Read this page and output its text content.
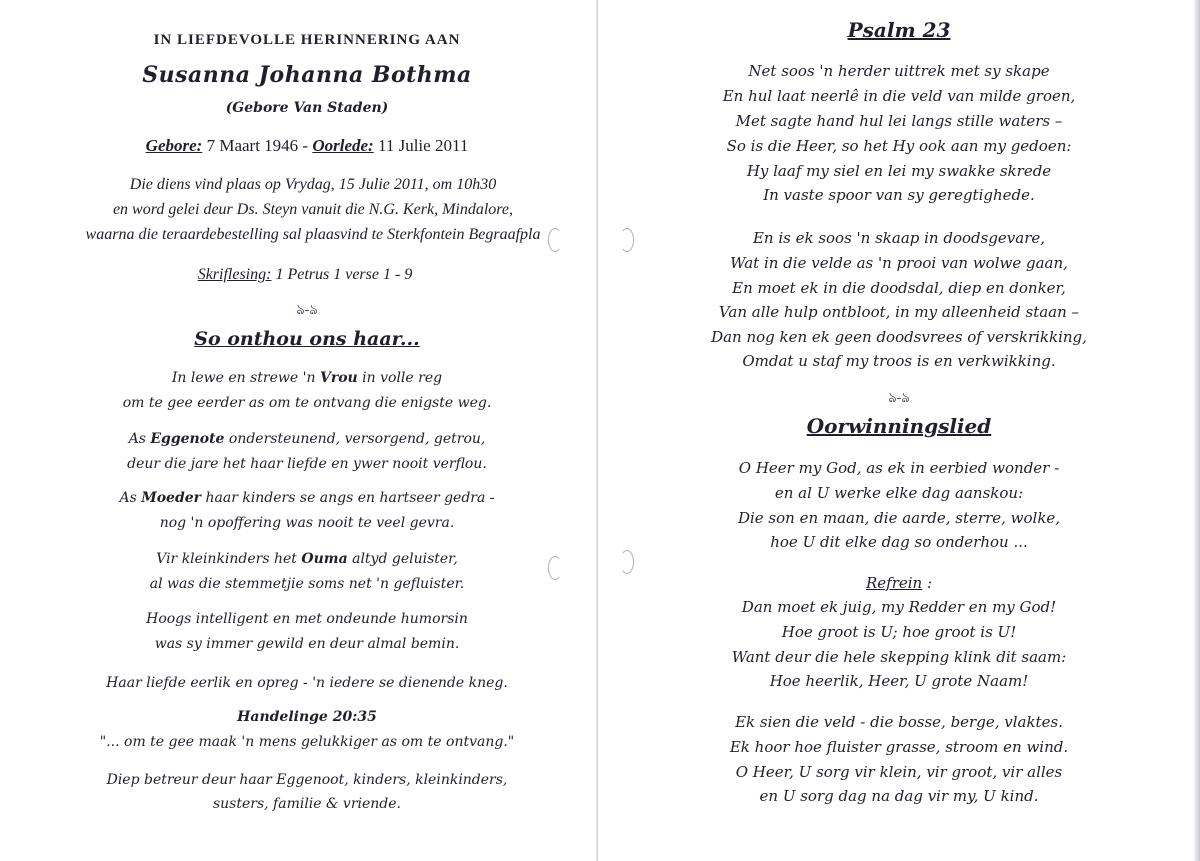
IN LIEFDEVOLLE HERINNERING AAN
Susanna Johanna Bothma
(Gebore Van Staden)
Gebore: 7 Maart 1946 - Oorlede: 11 Julie 2011
Die diens vind plaas op Vrydag, 15 Julie 2011, om 10h30
en word gelei deur Ds. Steyn vanuit die N.G. Kerk, Mindalore,
waarna die teraardebestelling sal plaasvind te Sterkfontein Begraafpla
Skriflesing: 1 Petrus 1 verse 1 - 9
ঌ-ঌ
So onthou ons haar...
In lewe en strewe 'n Vrou in volle reg
om te gee eerder as om te ontvang die enigste weg.
As Eggenote ondersteunend, versorgend, getrou,
deur die jare het haar liefde en ywer nooit verflou.
As Moeder haar kinders se angs en hartseer gedra -
nog 'n opoffering was nooit te veel gevra.
Vir kleinkinders het Ouma altyd geluister,
al was die stemmetjie soms net 'n gefluister.
Hoogs intelligent en met ondeunde humorsin
was sy immer gewild en deur almal bemin.
Haar liefde eerlik en opreg - 'n iedere se dienende kneg.
Handelinge 20:35
"... om te gee maak 'n mens gelukkiger as om te ontvang."
Diep betreur deur haar Eggenoot, kinders, kleinkinders,
susters, familie & vriende.
Psalm 23
Net soos 'n herder uittrek met sy skape
En hul laat neerlê in die veld van milde groen,
Met sagte hand hul lei langs stille waters –
So is die Heer, so het Hy ook aan my gedoen:
Hy laaf my siel en lei my swakke skrede
In vaste spoor van sy geregtighede.
En is ek soos 'n skaap in doodsgevare,
Wat in die velde as 'n prooi van wolwe gaan,
En moet ek in die doodsdal, diep en donker,
Van alle hulp ontbloot, in my alleenheid staan –
Dan nog ken ek geen doodsvrees of verskrikking,
Omdat u staf my troos is en verkwikking.
ঌ-ঌ
Oorwinningslied
O Heer my God, as ek in eerbied wonder -
en al U werke elke dag aanskou:
Die son en maan, die aarde, sterre, wolke,
hoe U dit elke dag so onderhou ...
Refrein :
Dan moet ek juig, my Redder en my God!
Hoe groot is U; hoe groot is U!
Want deur die hele skepping klink dit saam:
Hoe heerlik, Heer, U grote Naam!
Ek sien die veld - die bosse, berge, vlaktes.
Ek hoor hoe fluister grasse, stroom en wind.
O Heer, U sorg vir klein, vir groot, vir alles
en U sorg dag na dag vir my, U kind.
